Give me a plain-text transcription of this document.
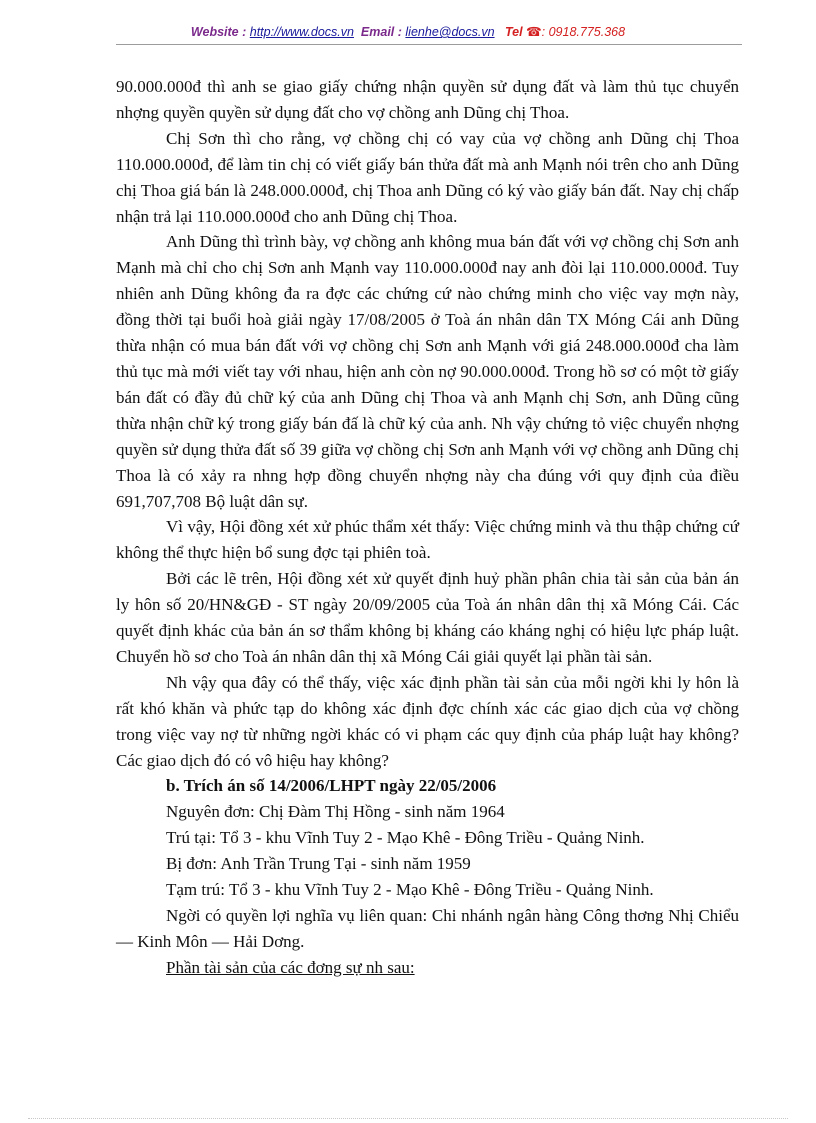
Website : http://www.docs.vn Email : lienhe@docs.vn Tel ☎: 0918.775.368

90.000.000đ thì anh se giao giấy chứng nhận quyền sử dụng đất và làm thủ tục chuyển nhợng quyền quyền sử dụng đất cho vợ chồng anh Dũng chị Thoa.

Chị Sơn thì cho rằng, vợ chồng chị có vay của vợ chồng anh Dũng chị Thoa 110.000.000đ, để làm tin chị có viết giấy bán thửa đất mà anh Mạnh nói trên cho anh Dũng chị Thoa giá bán là 248.000.000đ, chị Thoa anh Dũng có ký vào giấy bán đất. Nay chị chấp nhận trả lại 110.000.000đ cho anh Dũng chị Thoa.

Anh Dũng thì trình bày, vợ chồng anh không mua bán đất với vợ chồng chị Sơn anh Mạnh mà chỉ cho chị Sơn anh Mạnh vay 110.000.000đ nay anh đòi lại 110.000.000đ. Tuy nhiên anh Dũng không đa ra đợc các chứng cứ nào chứng minh cho việc vay mợn này, đồng thời tại buổi hoà giải ngày 17/08/2005 ở Toà án nhân dân TX Móng Cái anh Dũng thừa nhận có mua bán đất với vợ chồng chị Sơn anh Mạnh với giá 248.000.000đ cha làm thủ tục mà mới viết tay với nhau, hiện anh còn nợ 90.000.000đ. Trong hồ sơ có một tờ giấy bán đất có đầy đủ chữ ký của anh Dũng chị Thoa và anh Mạnh chị Sơn, anh Dũng cũng thừa nhận chữ ký trong giấy bán đấ là chữ ký của anh. Nh vậy chứng tỏ việc chuyển nhợng quyền sử dụng thửa đất số 39 giữa vợ chồng chị Sơn anh Mạnh với vợ chồng anh Dũng chị Thoa là có xảy ra nhng hợp đồng chuyển nhợng này cha đúng với quy định của điều 691,707,708 Bộ luật dân sự.

Vì vậy, Hội đồng xét xử phúc thẩm xét thấy: Việc chứng minh và thu thập chứng cứ không thể thực hiện bổ sung đợc tại phiên toà.

Bởi các lẽ trên, Hội đồng xét xử quyết định huỷ phần phân chia tài sản của bản án ly hôn số 20/HN&GĐ - ST ngày 20/09/2005 của Toà án nhân dân thị xã Móng Cái. Các quyết định khác của bản án sơ thẩm không bị kháng cáo kháng nghị có hiệu lực pháp luật. Chuyển hồ sơ cho Toà án nhân dân thị xã Móng Cái giải quyết lại phần tài sản.

Nh vậy qua đây có thể thấy, việc xác định phần tài sản của mỗi ngời khi ly hôn là rất khó khăn và phức tạp do không xác định đợc chính xác các giao dịch của vợ chồng trong việc vay nợ từ những ngời khác có vi phạm các quy định của pháp luật hay không? Các giao dịch đó có vô hiệu hay không?

b. Trích án số 14/2006/LHPT ngày 22/05/2006

Nguyên đơn: Chị Đàm Thị Hồng - sinh năm 1964

Trú tại: Tổ 3 - khu Vĩnh Tuy 2 - Mạo Khê - Đông Triều - Quảng Ninh.

Bị đơn: Anh Trần Trung Tại - sinh năm 1959

Tạm trú: Tổ 3 - khu Vĩnh Tuy 2 - Mạo Khê - Đông Triều - Quảng Ninh.

Ngời có quyền lợi nghĩa vụ liên quan: Chi nhánh ngân hàng Công thơng Nhị Chiểu — Kinh Môn — Hải Dơng.

Phần tài sản của các đơng sự nh sau:
